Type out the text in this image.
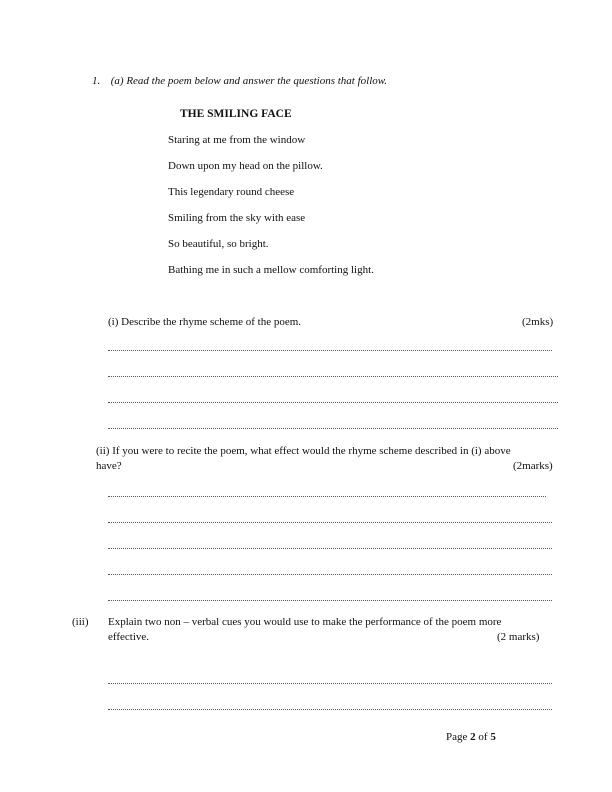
1. (a) Read the poem below and answer the questions that follow.
THE SMILING FACE
Staring at me from the window
Down upon my head on the pillow.
This legendary round cheese
Smiling from the sky with ease
So beautiful, so bright.
Bathing me in such a mellow comforting light.
(i) Describe the rhyme scheme of the poem.	(2mks)
(ii) If you were to recite the poem, what effect would the rhyme scheme described in (i) above
have?	(2marks)
(iii) Explain two non – verbal cues you would use to make the performance of the poem more
effective.	(2 marks)
Page 2 of 5
